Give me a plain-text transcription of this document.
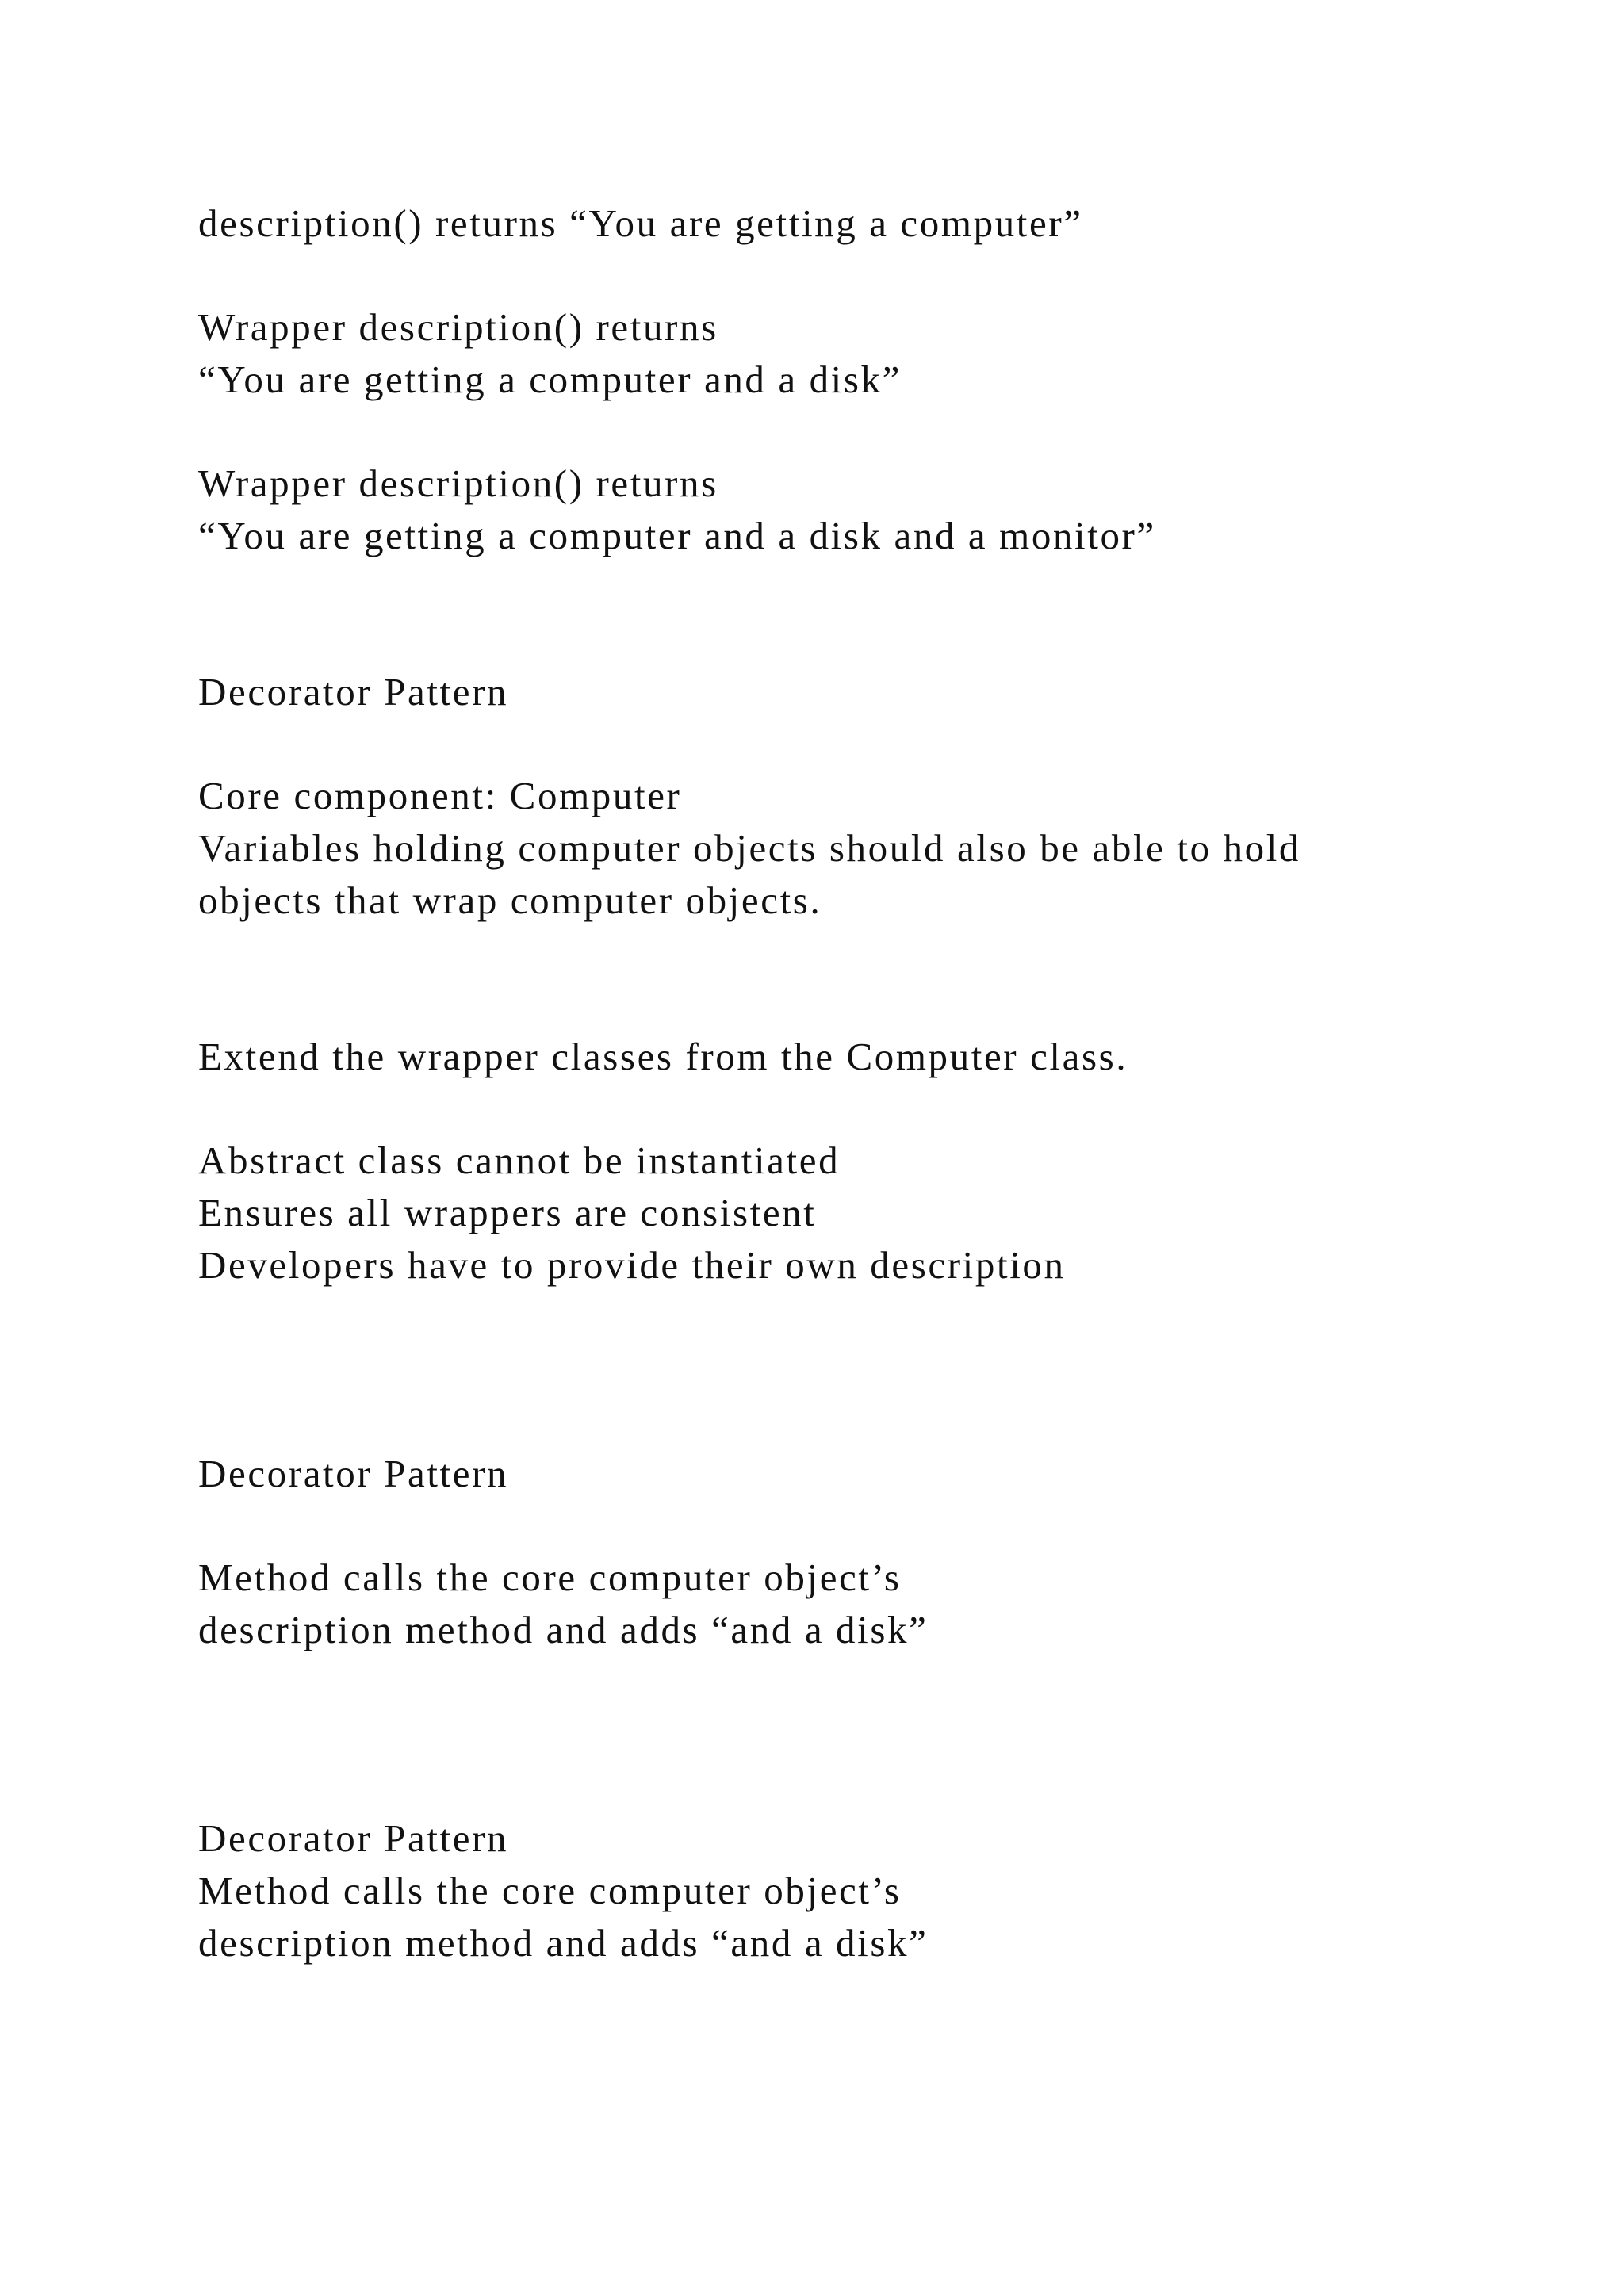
description() returns “You are getting a computer”

Wrapper description() returns

“You are getting a computer and a disk”

Wrapper description() returns

“You are getting a computer and a disk and a monitor”

Decorator Pattern

Core component: Computer

Variables holding computer objects should also be able to hold

objects that wrap computer objects.

Extend the wrapper classes from the Computer class.

Abstract class cannot be instantiated

Ensures all wrappers are consistent

Developers have to provide their own description

Decorator Pattern

Method calls the core computer object’s

description method and adds “and a disk”

Decorator Pattern

Method calls the core computer object’s

description method and adds “and a disk”
